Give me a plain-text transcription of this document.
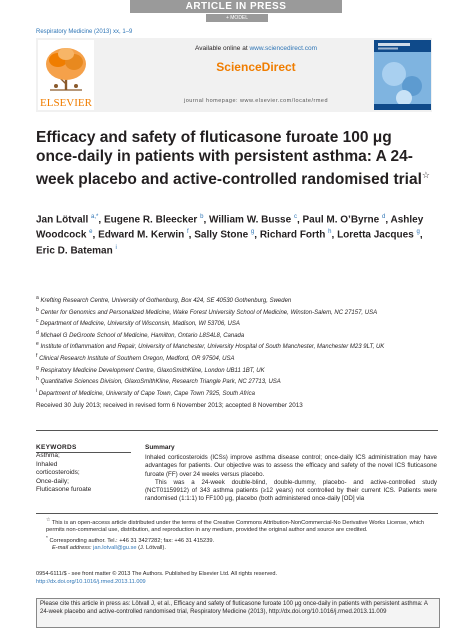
ARTICLE IN PRESS
+ MODEL
Respiratory Medicine (2013) xx, 1–9
ELSEVIER
Available online at www.sciencedirect.com
ScienceDirect
journal homepage: www.elsevier.com/locate/rmed
Efficacy and safety of fluticasone furoate 100 μg once-daily in patients with persistent asthma: A 24-week placebo and active-controlled randomised trial☆
Jan Lötvall $^{a,*}$, Eugene R. Bleecker $^b$, William W. Busse $^c$, Paul M. O’Byrne $^d$, Ashley Woodcock $^e$, Edward M. Kerwin $^f$, Sally Stone $^g$, Richard Forth $^h$, Loretta Jacques $^g$, Eric D. Bateman $^i$
$^a$ Krefting Research Centre, University of Gothenburg, Box 424, SE 40530 Gothenburg, Sweden
$^b$ Center for Genomics and Personalized Medicine, Wake Forest University School of Medicine, Winston-Salem, NC 27157, USA
$^c$ Department of Medicine, University of Wisconsin, Madison, WI 53706, USA
$^d$ Michael G DeGroote School of Medicine, Hamilton, Ontario L8S4L8, Canada
$^e$ Institute of Inflammation and Repair, University of Manchester, University Hospital of South Manchester, Manchester M23 9LT, UK
$^f$ Clinical Research Institute of Southern Oregon, Medford, OR 97504, USA
$^g$ Respiratory Medicine Development Centre, GlaxoSmithKline, London UB11 1BT, UK
$^h$ Quantitative Sciences Division, GlaxoSmithKline, Research Triangle Park, NC 27713, USA
$^i$ Department of Medicine, University of Cape Town, Cape Town 7925, South Africa
Received 30 July 2013; received in revised form 6 November 2013; accepted 8 November 2013
KEYWORDS
Asthma;
Inhaled
corticosteroids;
Once-daily;
Fluticasone furoate
Summary

Inhaled corticosteroids (ICSs) improve asthma disease control; once-daily ICS administration may have advantages for patients. Our objective was to assess the efficacy and safety of the novel ICS fluticasone furoate (FF) over 24 weeks versus placebo.

This was a 24-week double-blind, double-dummy, placebo- and active-controlled study (NCT01159912) of 343 asthma patients (≥12 years) not controlled by their current ICS. Patients were randomised (1:1:1) to FF100 μg, placebo (both administered once-daily [OD] via

☆ This is an open-access article distributed under the terms of the Creative Commons Attribution-NonCommercial-No Derivative Works License, which permits non-commercial use, distribution, and reproduction in any medium, provided the original author and source are credited.
* Corresponding author. Tel.: +46 31 3427282; fax: +46 31 415239.
E-mail address: jan.lotvall@gu.se (J. Lötvall).
0954-6111/$ - see front matter © 2013 The Authors. Published by Elsevier Ltd. All rights reserved.
http://dx.doi.org/10.1016/j.rmed.2013.11.009
Please cite this article in press as: Lötvall J, et al., Efficacy and safety of fluticasone furoate 100 μg once-daily in patients with persistent asthma: A 24-week placebo and active-controlled randomised trial, Respiratory Medicine (2013), http://dx.doi.org/10.1016/j.rmed.2013.11.009
